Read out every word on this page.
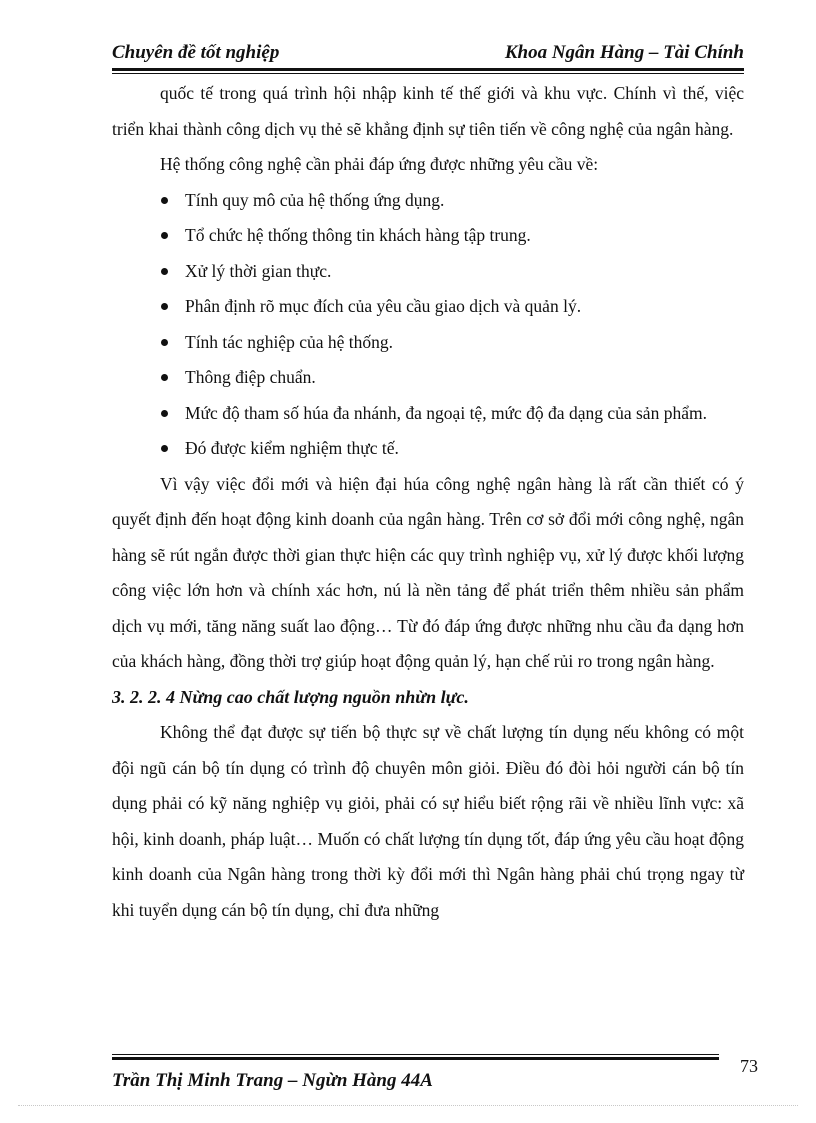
Chuyên đề tốt nghiệp	Khoa Ngân Hàng – Tài Chính

quốc tế trong quá trình hội nhập kinh tế thế giới và khu vực. Chính vì thế, việc triển khai thành công dịch vụ thẻ sẽ khẳng định sự tiên tiến về công nghệ của ngân hàng.

Hệ thống công nghệ cần phải đáp ứng được những yêu cầu về:

Tính quy mô của hệ thống ứng dụng.
Tổ chức hệ thống thông tin khách hàng tập trung.
Xử lý thời gian thực.
Phân định rõ mục đích của yêu cầu giao dịch và quản lý.
Tính tác nghiệp của hệ thống.
Thông điệp chuẩn.
Mức độ tham số húa đa nhánh, đa ngoại tệ, mức độ đa dạng của sản phẩm.
Đó được kiểm nghiệm thực tế.

Vì vậy việc đổi mới và hiện đại húa công nghệ ngân hàng là rất cần thiết có ý quyết định đến hoạt động kinh doanh của ngân hàng. Trên cơ sở đổi mới công nghệ, ngân hàng sẽ rút ngắn được thời gian thực hiện các quy trình nghiệp vụ, xử lý được khối lượng công việc lớn hơn và chính xác hơn, nú là nền tảng để phát triển thêm nhiều sản phẩm dịch vụ mới, tăng năng suất lao động… Từ đó đáp ứng được những nhu cầu đa dạng hơn của khách hàng, đồng thời trợ giúp hoạt động quản lý, hạn chế rủi ro trong ngân hàng.

3. 2. 2. 4 Nừng cao chất lượng nguồn nhừn lực.

Không thể đạt được sự tiến bộ thực sự về chất lượng tín dụng nếu không có một đội ngũ cán bộ tín dụng có trình độ chuyên môn giỏi. Điều đó đòi hỏi người cán bộ tín dụng phải có kỹ năng nghiệp vụ giỏi, phải có sự hiểu biết rộng rãi về nhiều lĩnh vực: xã hội, kinh doanh, pháp luật… Muốn có chất lượng tín dụng tốt, đáp ứng yêu cầu hoạt động kinh doanh của Ngân hàng trong thời kỳ đổi mới thì Ngân hàng phải chú trọng ngay từ khi tuyển dụng cán bộ tín dụng, chỉ đưa những

Trần Thị Minh Trang – Ngừn Hàng 44A
73
